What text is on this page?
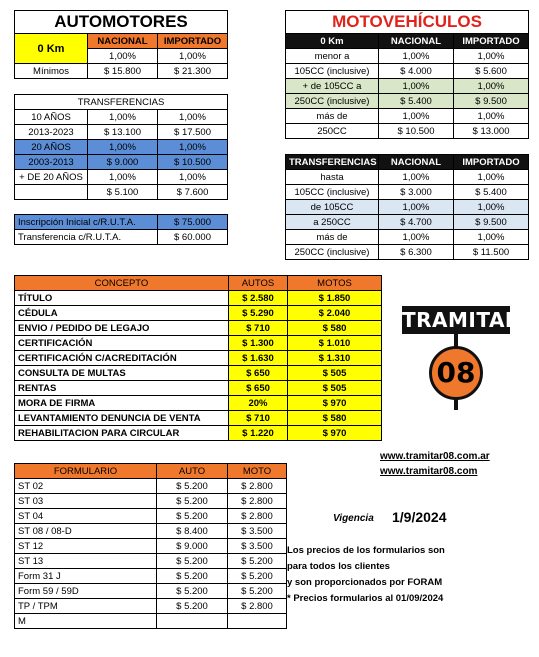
AUTOMOTORES		
0 Km	NACIONAL	IMPORTADO
	1,00%	1,00%
Mínimos	$ 15.800	$ 21.300
TRANSFERENCIAS		
10 AÑOS	1,00%	1,00%
2013-2023	$ 13.100	$ 17.500
20 AÑOS	1,00%	1,00%
2003-2013	$ 9.000	$ 10.500
+ DE 20 AÑOS	1,00%	1,00%
	$ 5.100	$ 7.600
Inscripción Inicial c/R.U.T.A.	$ 75.000
Transferencia c/R.U.T.A.	$ 60.000
MOTOVEHÍCULOS		
0 Km	NACIONAL	IMPORTADO
menor a	1,00%	1,00%
105CC (inclusive)	$ 4.000	$ 5.600
+ de 105CC a	1,00%	1,00%
250CC (inclusive)	$ 5.400	$ 9.500
más de	1,00%	1,00%
250CC	$ 10.500	$ 13.000
TRANSFERENCIAS	NACIONAL	IMPORTADO
hasta	1,00%	1,00%
105CC (inclusive)	$ 3.000	$ 5.400
de 105CC	1,00%	1,00%
a 250CC	$ 4.700	$ 9.500
más de	1,00%	1,00%
250CC (inclusive)	$ 6.300	$ 11.500
CONCEPTO	AUTOS	MOTOS
TÍTULO	$ 2.580	$ 1.850
CÉDULA	$ 5.290	$ 2.040
ENVIO / PEDIDO DE LEGAJO	$ 710	$ 580
CERTIFICACIÓN	$ 1.300	$ 1.010
CERTIFICACIÓN C/ACREDITACIÓN	$ 1.630	$ 1.310
CONSULTA DE MULTAS	$ 650	$ 505
RENTAS	$ 650	$ 505
MORA DE FIRMA	20%	$ 970
LEVANTAMIENTO DENUNCIA DE VENTA	$ 710	$ 580
REHABILITACION PARA CIRCULAR	$ 1.220	$ 970
TRAMITAR
08
FORMULARIO	AUTO	MOTO
ST 02	$ 5.200	$ 2.800
ST 03	$ 5.200	$ 2.800
ST 04	$ 5.200	$ 2.800
ST 08 / 08-D	$ 8.400	$ 3.500
ST 12	$ 9.000	$ 3.500
ST 13	$ 5.200	$ 5.200
Form 31 J	$ 5.200	$ 5.200
Form 59 / 59D	$ 5.200	$ 5.200
TP / TPM	$ 5.200	$ 2.800
M		
www.tramitar08.com.ar
www.tramitar08.com
Vigencia 1/9/2024
Los precios de los formularios son
para todos los clientes
y son proporcionados por FORAM
* Precios formularios al 01/09/2024
